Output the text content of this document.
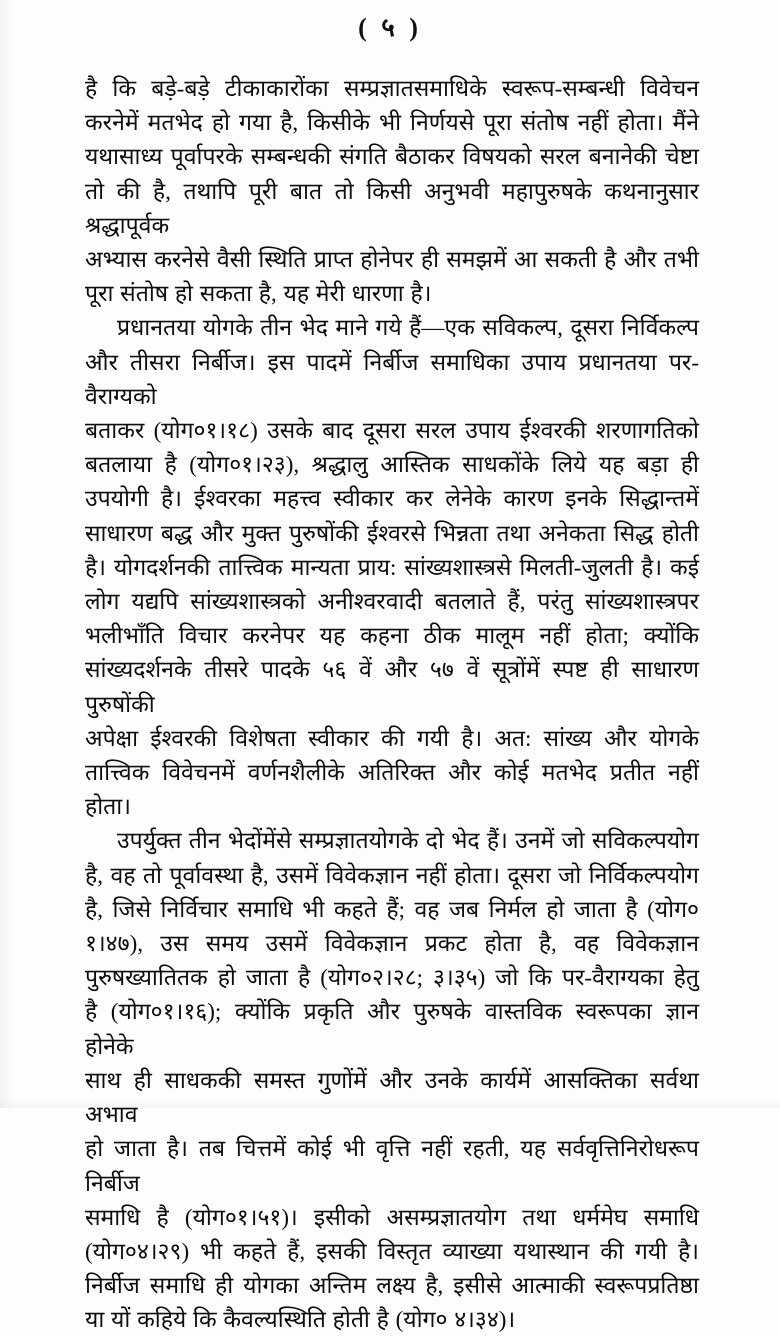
( ५ )
है कि बड़े-बड़े टीकाकारोंका सम्प्रज्ञातसमाधिके स्वरूप-सम्बन्धी विवेचन
करनेमें मतभेद हो गया है, किसीके भी निर्णयसे पूरा संतोष नहीं होता। मैंने
यथासाध्य पूर्वापरके सम्बन्धकी संगति बैठाकर विषयको सरल बनानेकी चेष्टा
तो की है, तथापि पूरी बात तो किसी अनुभवी महापुरुषके कथनानुसार श्रद्धापूर्वक
अभ्यास करनेसे वैसी स्थिति प्राप्त होनेपर ही समझमें आ सकती है और तभी
पूरा संतोष हो सकता है, यह मेरी धारणा है।
प्रधानतया योगके तीन भेद माने गये हैं—एक सविकल्प, दूसरा निर्विकल्प
और तीसरा निर्बीज। इस पादमें निर्बीज समाधिका उपाय प्रधानतया पर-वैराग्यको
बताकर (योग०१।१८) उसके बाद दूसरा सरल उपाय ईश्वरकी शरणागतिको
बतलाया है (योग०१।२३), श्रद्धालु आस्तिक साधकोंके लिये यह बड़ा ही
उपयोगी है। ईश्वरका महत्त्व स्वीकार कर लेनेके कारण इनके सिद्धान्तमें
साधारण बद्ध और मुक्त पुरुषोंकी ईश्वरसे भिन्नता तथा अनेकता सिद्ध होती
है। योगदर्शनकी तात्त्विक मान्यता प्राय: सांख्यशास्त्रसे मिलती-जुलती है। कई
लोग यद्यपि सांख्यशास्त्रको अनीश्वरवादी बतलाते हैं, परंतु सांख्यशास्त्रपर
भलीभाँति विचार करनेपर यह कहना ठीक मालूम नहीं होता; क्योंकि
सांख्यदर्शनके तीसरे पादके ५६ वें और ५७ वें सूत्रोंमें स्पष्ट ही साधारण पुरुषोंकी
अपेक्षा ईश्वरकी विशेषता स्वीकार की गयी है। अत: सांख्य और योगके
तात्त्विक विवेचनमें वर्णनशैलीके अतिरिक्त और कोई मतभेद प्रतीत नहीं होता।
उपर्युक्त तीन भेदोंमेंसे सम्प्रज्ञातयोगके दो भेद हैं। उनमें जो सविकल्पयोग
है, वह तो पूर्वावस्था है, उसमें विवेकज्ञान नहीं होता। दूसरा जो निर्विकल्पयोग
है, जिसे निर्विचार समाधि भी कहते हैं; वह जब निर्मल हो जाता है (योग०
१।४७), उस समय उसमें विवेकज्ञान प्रकट होता है, वह विवेकज्ञान
पुरुषख्यातितक हो जाता है (योग०२।२८; ३।३५) जो कि पर-वैराग्यका हेतु
है (योग०१।१६); क्योंकि प्रकृति और पुरुषके वास्तविक स्वरूपका ज्ञान होनेके
साथ ही साधककी समस्त गुणोंमें और उनके कार्यमें आसक्तिका सर्वथा अभाव
हो जाता है। तब चित्तमें कोई भी वृत्ति नहीं रहती, यह सर्ववृत्तिनिरोधरूप निर्बीज
समाधि है (योग०१।५१)। इसीको असम्प्रज्ञातयोग तथा धर्ममेघ समाधि
(योग०४।२९) भी कहते हैं, इसकी विस्तृत व्याख्या यथास्थान की गयी है।
निर्बीज समाधि ही योगका अन्तिम लक्ष्य है, इसीसे आत्माकी स्वरूपप्रतिष्ठा
या यों कहिये कि कैवल्यस्थिति होती है (योग० ४।३४)।
